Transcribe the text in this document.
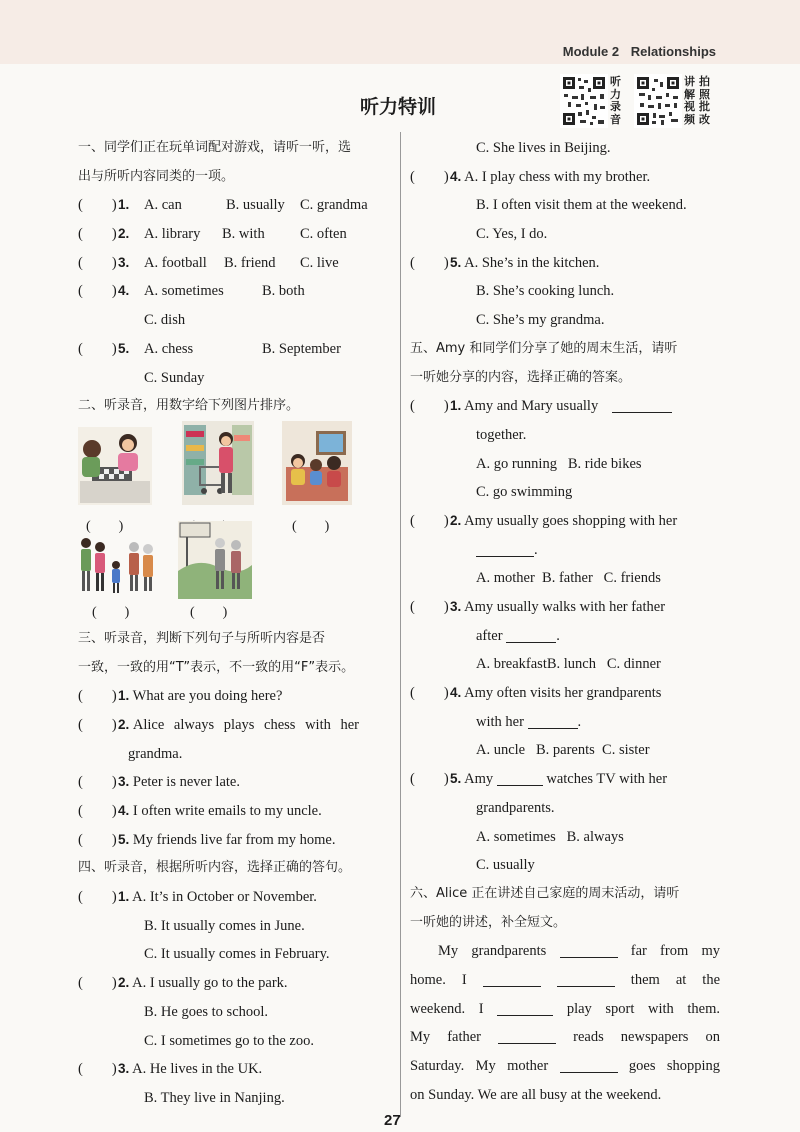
Module 2 Relationships
听力特训
听力录音
讲解视频
拍照批改
一、同学们正在玩单词配对游戏，请听一听，选
出与所听内容同类的一项。
(　　)1. A. can	B. usually C. grandma
(　　)2. A. library B. with C. often
(　　)3. A. football B. friend C. live
(　　)4. A. sometimes	B. both
C. dish
(　　)5. A. chess	B. September
C. Sunday
二、听录音，用数字给下列图片排序。
(　　)	(　　)
(　　)	(　　)
三、听录音，判断下列句子与所听内容是否
一致，一致的用“T”表示，不一致的用“F”表示。
(　　)1. What are you doing here?
(　　)2. Alice always plays chess with her
grandma.
(　　)3. Peter is never late.
(　　)4. I often write emails to my uncle.
(　　)5. My friends live far from my home.
四、听录音，根据所听内容，选择正确的答句。
(　　)1. A. It’s in October or November.
B. It usually comes in June.
C. It usually comes in February.
(　　)2. A. I usually go to the park.
B. He goes to school.
C. I sometimes go to the zoo.
(　　)3. A. He lives in the UK.
B. They live in Nanjing.
C. She lives in Beijing.
(　　)4. A. I play chess with my brother.
B. I often visit them at the weekend.
C. Yes, I do.
(　　)5. A. She’s in the kitchen.
B. She’s cooking lunch.
C. She’s my grandma.
五、Amy 和同学们分享了她的周末生活，请听
一听她分享的内容，选择正确的答案。
(　　)1. Amy and Mary usually
together.
A. go running B. ride bikes
C. go swimming
(　　)2. Amy usually goes shopping with her
.
A. mother B. father C. friends
(　　)3. Amy usually walks with her father
after	.
A. breakfastB. lunch C. dinner
(　　)4. Amy often visits her grandparents
with her	.
A. uncle B. parents C. sister
(　　)5. Amy	watches TV with her
grandparents.
A. sometimes B. always
C. usually
六、Alice 正在讲述自己家庭的周末活动，请听
一听她的讲述，补全短文。
My grandparents	far from my
home. I	them at the
weekend. I	play sport with them.
My father	reads newspapers on
Saturday. My mother	goes shopping
on Sunday. We are all busy at the weekend.
27
